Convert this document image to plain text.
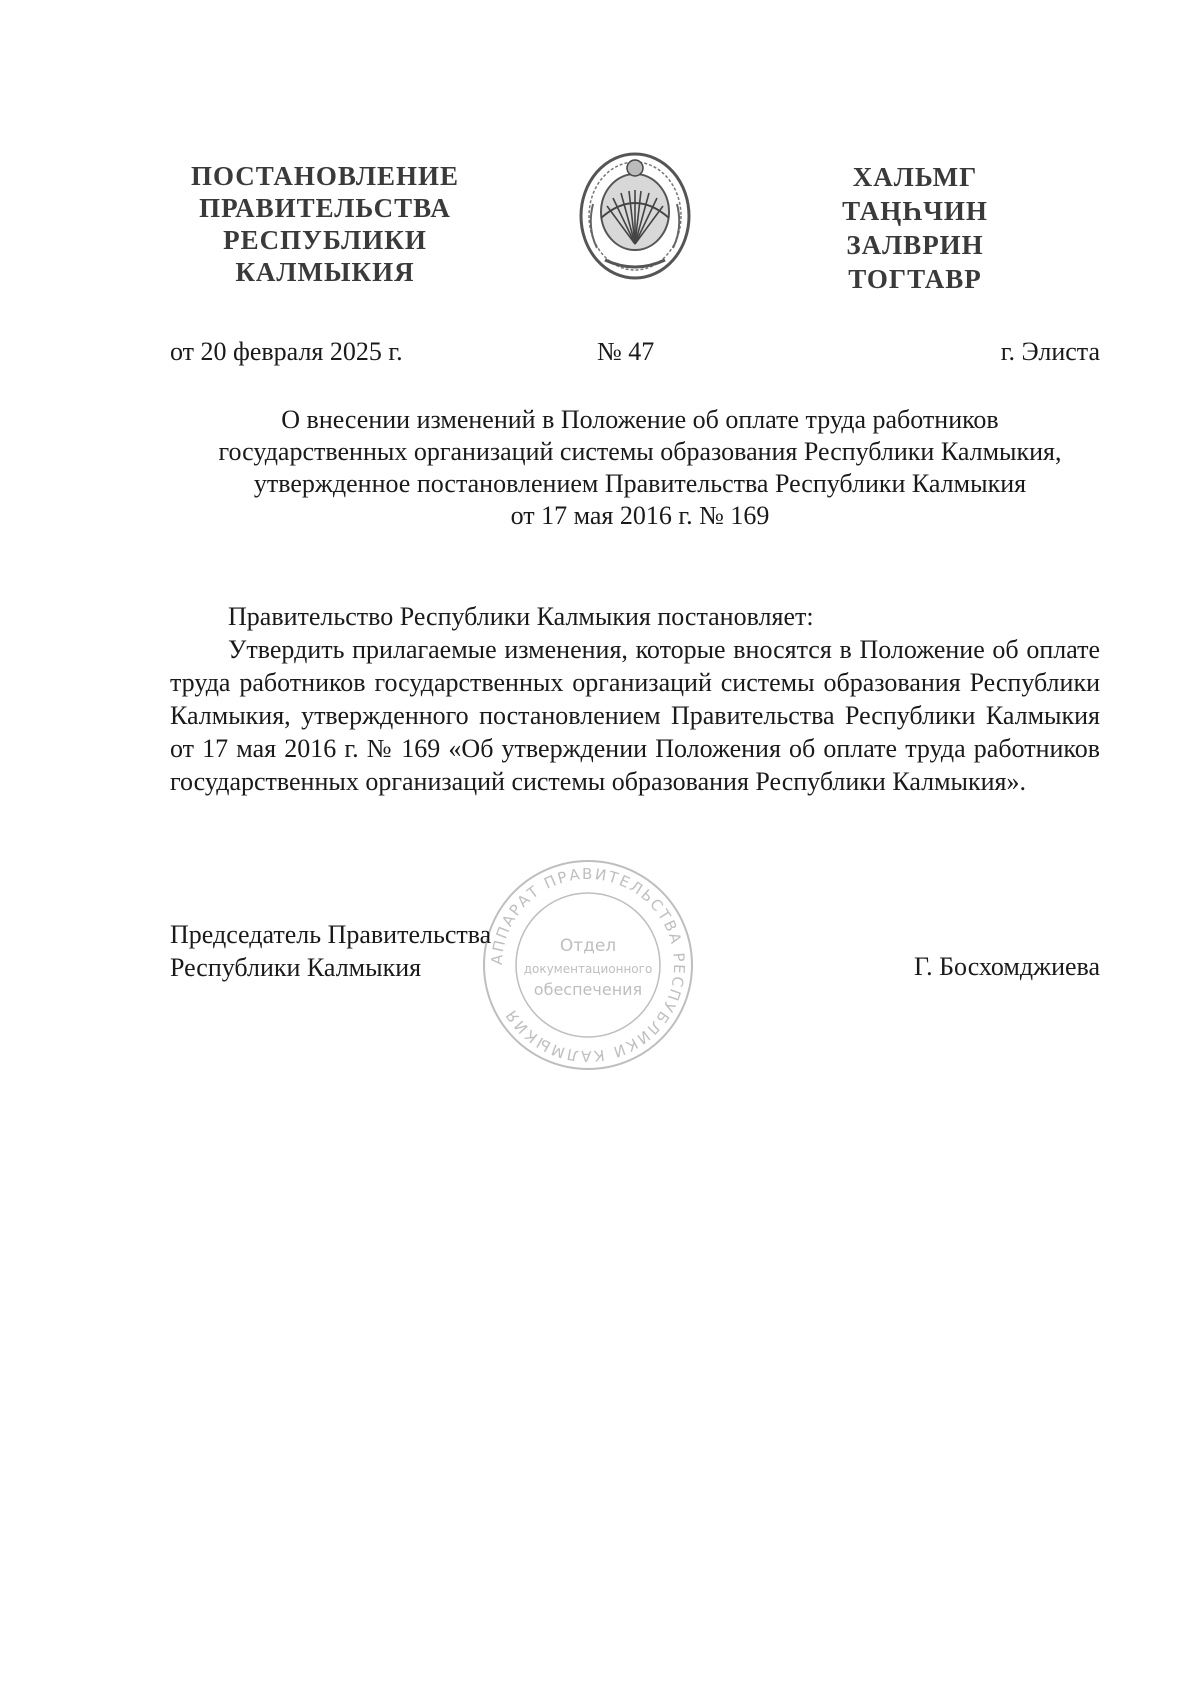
ПОСТАНОВЛЕНИЕ
ПРАВИТЕЛЬСТВА
РЕСПУБЛИКИ
КАЛМЫКИЯ
ХАЛЬМГ
ТАҢҺЧИН
ЗАЛВРИН
ТОГТАВР
от 20 февраля 2025 г.	№ 47	г. Элиста
О внесении изменений в Положение об оплате труда работников
государственных организаций системы образования Республики Калмыкия,
утвержденное постановлением Правительства Республики Калмыкия
от 17 мая 2016 г. № 169

Правительство Республики Калмыкия постановляет:

Утвердить прилагаемые изменения, которые вносятся в Положение об оплате труда работников государственных организаций системы образования Республики Калмыкия, утвержденного постановлением Правительства Республики Калмыкия от 17 мая 2016 г. № 169 «Об утверждении Положения об оплате труда работников государственных организаций системы образования Республики Калмыкия».

АППАРАТ ПРАВИТЕЛЬСТВА РЕСПУБЛИКИ КАЛМЫКИЯ
Отдел
документационного
обеспечения
Председатель Правительства
Республики Калмыкия	Г. Босхомджиева
